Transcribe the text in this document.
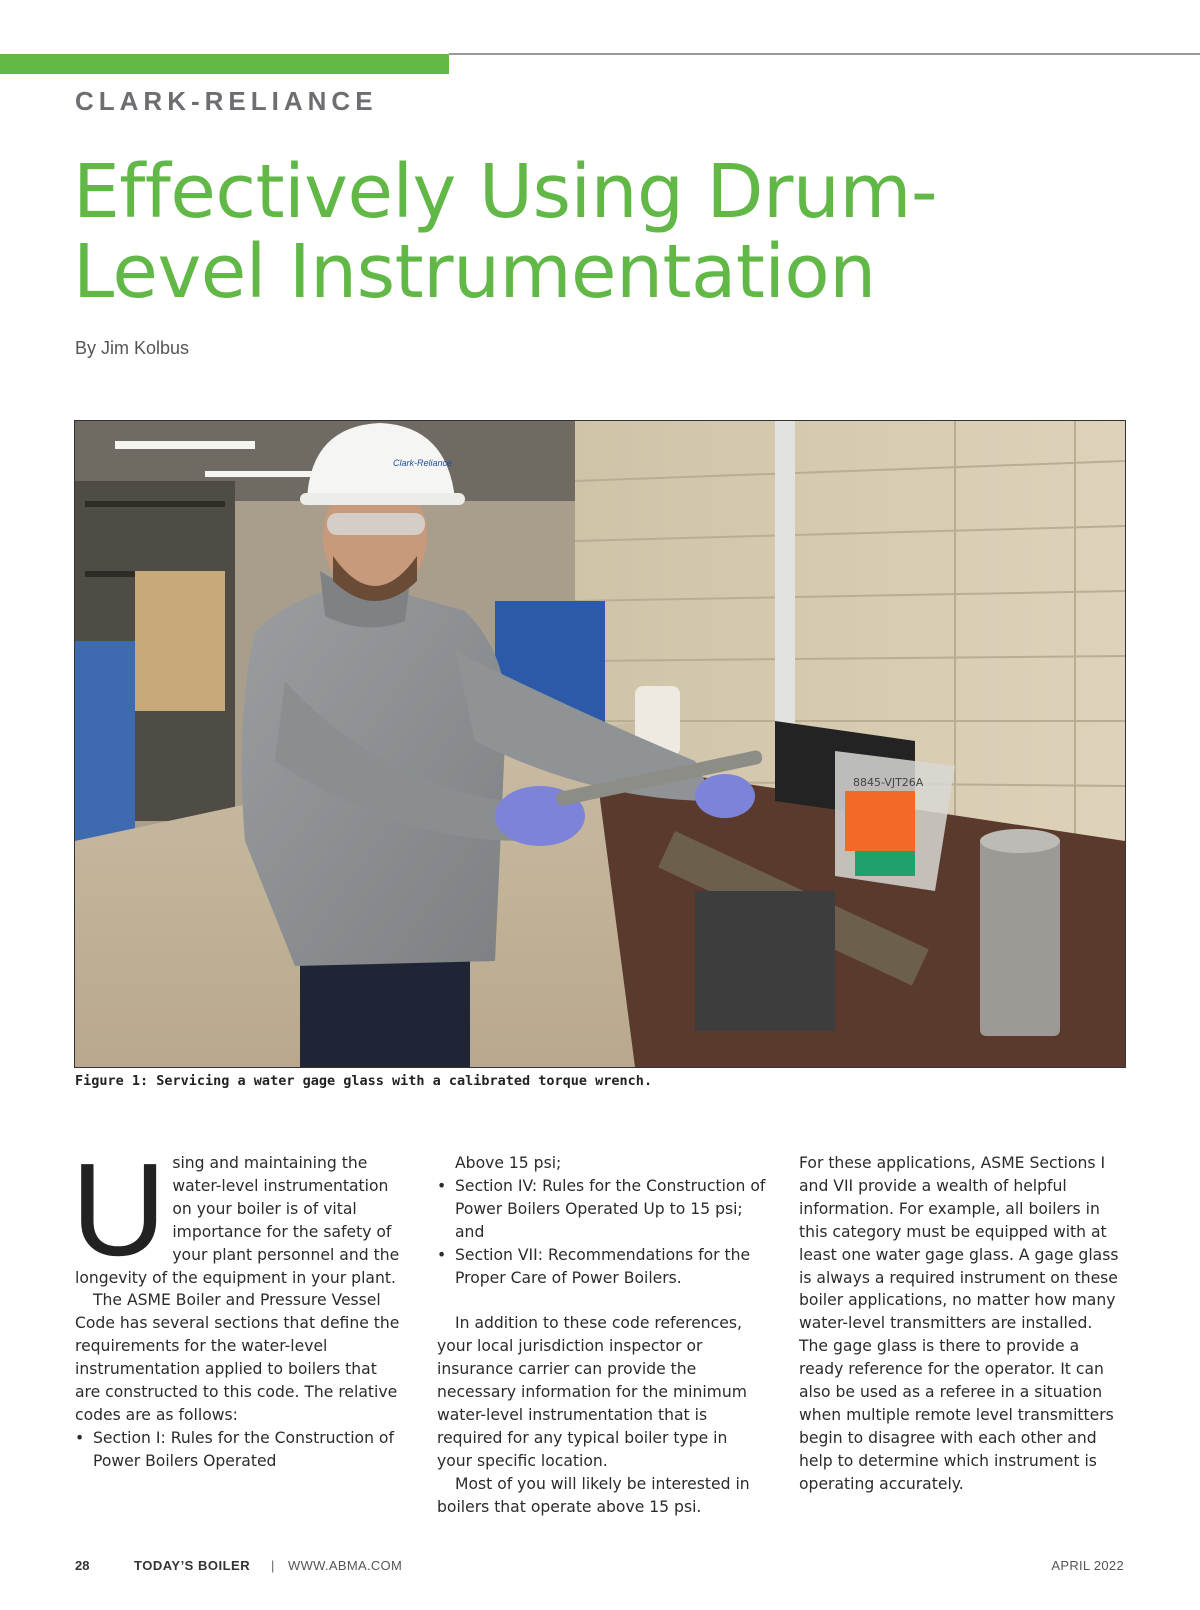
CLARK-RELIANCE
Effectively Using Drum-
Level Instrumentation

By Jim Kolbus

8845-VJT26A
Clark-Reliance

Figure 1: Servicing a water gage glass with a calibrated torque wrench.

U sing and maintaining the water-level instrumentation on your boiler is of vital importance for the safety of your plant personnel and the longevity of the equipment in your plant.

The ASME Boiler and Pressure Vessel Code has several sections that define the requirements for the water-level instrumentation applied to boilers that are constructed to this code. The relative codes are as follows:

• Section I: Rules for the Construction of Power Boilers Operated

Above 15 psi;

• Section IV: Rules for the Construction of Power Boilers Operated Up to 15 psi; and
• Section VII: Recommendations for the Proper Care of Power Boilers.

In addition to these code references, your local jurisdiction inspector or insurance carrier can provide the necessary information for the minimum water-level instrumentation that is required for any typical boiler type in your specific location.

Most of you will likely be interested in boilers that operate above 15 psi.

For these applications, ASME Sections I and VII provide a wealth of helpful information. For example, all boilers in this category must be equipped with at least one water gage glass. A gage glass is always a required instrument on these boiler applications, no matter how many water-level transmitters are installed. The gage glass is there to provide a ready reference for the operator. It can also be used as a referee in a situation when multiple remote level transmitters begin to disagree with each other and help to determine which instrument is operating accurately.

28	TODAY’S BOILER | WWW.ABMA.COM	APRIL 2022
